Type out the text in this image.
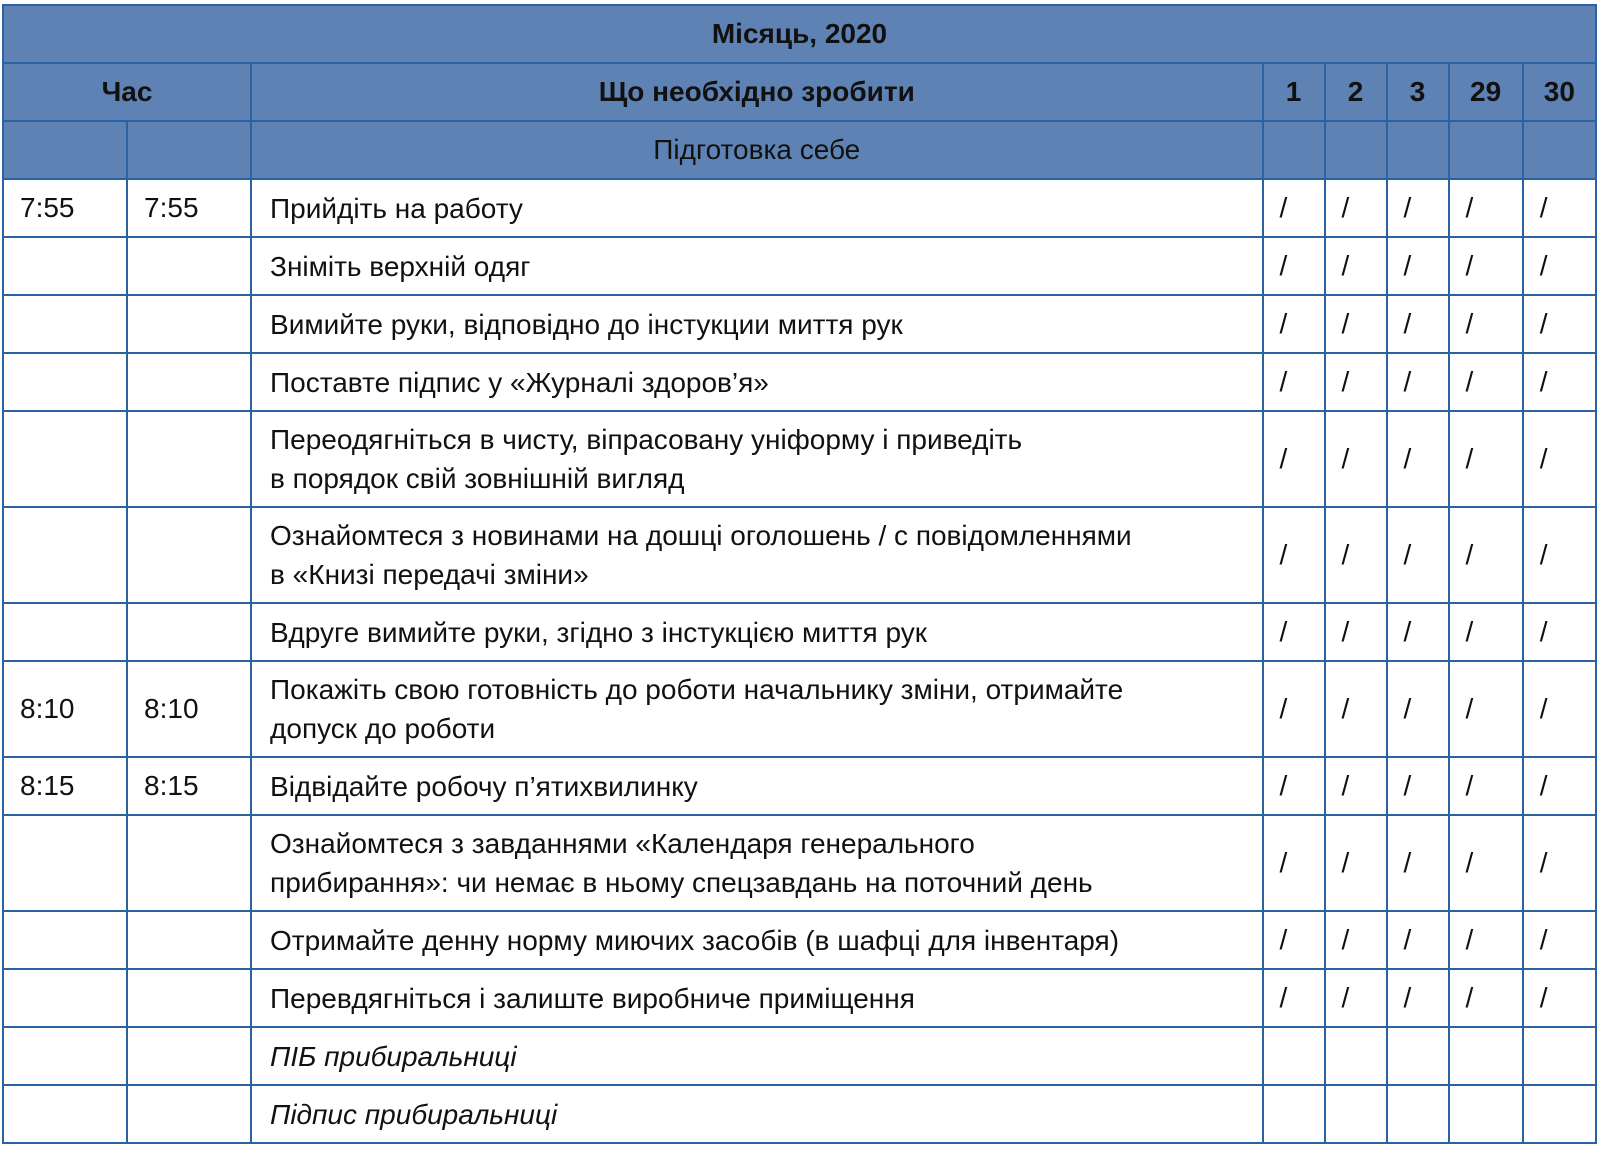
Місяць, 2020							
Час		Що необхідно зробити	1	2	3	29	30
		Підготовка себе					
7:55	7:55	Прийдіть на работу	/	/	/	/	/
		Зніміть верхній одяг	/	/	/	/	/
		Вимийте руки, відповідно до інстукции миття рук	/	/	/	/	/
		Поставте підпис у «Журналі здоров’я»	/	/	/	/	/

		Переодягніться в чисту, віпрасовану уніформу і приведіть
в порядок свій зовнішній вигляд	/	/	/	/	/

		Ознайомтеся з новинами на дошці оголошень / с повідомленнями
в «Книзі передачі зміни»	/	/	/	/	/
		Вдруге вимийте руки, згідно з інстукцією миття рук	/	/	/	/	/
8:10	8:10	Покажіть свою готовність до роботи начальнику зміни, отримайте
допуск до роботи	/	/	/	/	/
8:15	8:15	Відвідайте робочу п’ятихвилинку	/	/	/	/	/

		Ознайомтеся з завданнями «Календаря генерального
прибирання»: чи немає в ньому спецзавдань на поточний день	/	/	/	/	/
		Отримайте денну норму миючих засобів (в шафці для інвентаря)	/	/	/	/	/
		Перевдягніться і залиште виробниче приміщення	/	/	/	/	/
		ПІБ прибиральниці					
		Підпис прибиральниці					
